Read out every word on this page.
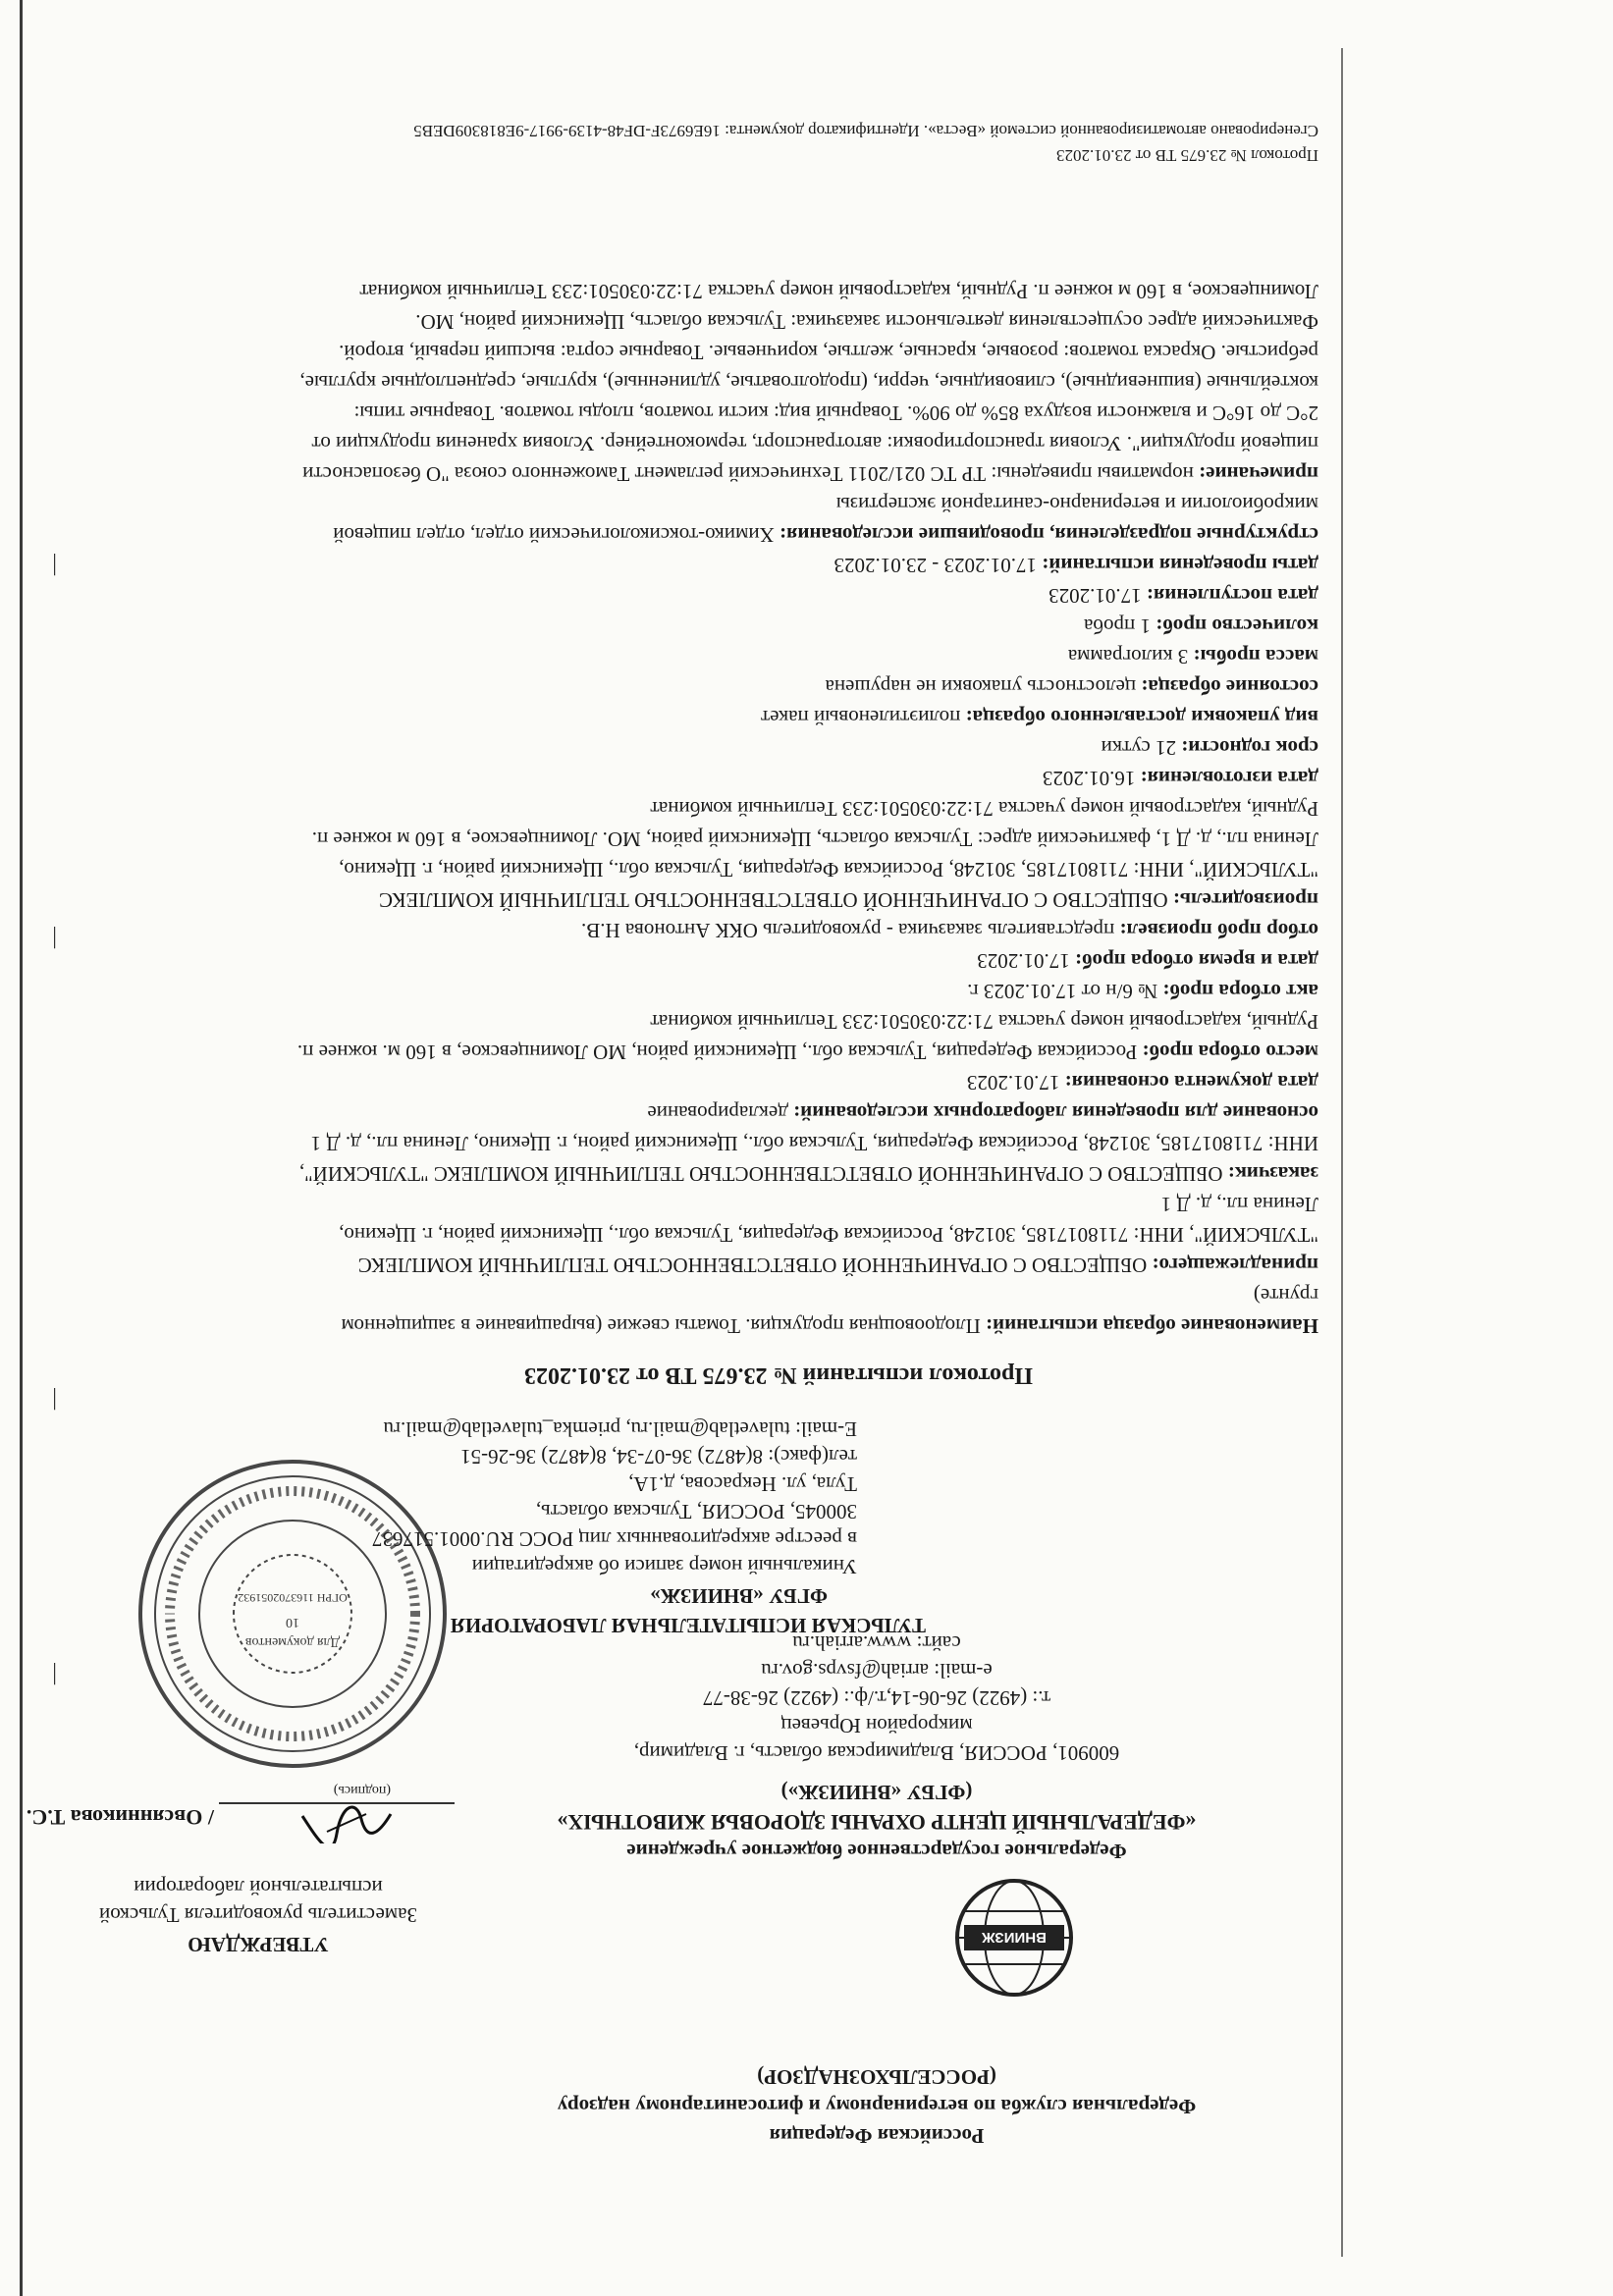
Российская Федерация
Федеральная служба по ветеринарному и фитосанитарному надзору
(РОССЕЛЬХОЗНАДЗОР)
ВНИИЗЖ
Федеральное государственное бюджетное учреждение
«ФЕДЕРАЛЬНЫЙ ЦЕНТР ОХРАНЫ ЗДОРОВЬЯ ЖИВОТНЫХ»
(ФГБУ «ВНИИЗЖ»)
600901, РОССИЯ, Владимирская область, г. Владимир,
микрорайон Юрьевец
т.: (4922) 26-06-14,т./ф.: (4922) 26-38-77
e-mail: arriah@fsvps.gov.ru
сайт: www.arriah.ru
УТВЕРЖДАЮ
Заместитель руководителя Тульской
испытательной лаборатории
/ Овсянникова Т.С.
(подпись)
Для документов
10
ОГРН 1163702051932
ТУЛЬСКАЯ ИСПЫТАТЕЛЬНАЯ ЛАБОРАТОРИЯ
ФГБУ «ВНИИЗЖ»
Уникальный номер записи об аккредитации
в реестре аккредитованных лиц РОСС RU.0001.517637
300045, РОССИЯ, Тульская область,
Тула, ул. Некрасова, д.1А,
тел(факс): 8(4872) 36-07-34, 8(4872) 36-26-51
E-mail: tulavetlab@mail.ru, priemka_tulavetlab@mail.ru
Протокол испытаний № 23.675 ТВ от 23.01.2023
Наименование образца испытаний: Плодоовощная продукция. Томаты свежие (выращивание в защищенном
грунте)
принадлежащего: ОБЩЕСТВО С ОГРАНИЧЕННОЙ ОТВЕТСТВЕННОСТЬЮ ТЕПЛИЧНЫЙ КОМПЛЕКС
"ТУЛЬСКИЙ", ИНН: 7118017185, 301248, Российская Федерация, Тульская обл., Щекинский район, г. Щекино,
Ленина пл., д. Д 1
заказчик: ОБЩЕСТВО С ОГРАНИЧЕННОЙ ОТВЕТСТВЕННОСТЬЮ ТЕПЛИЧНЫЙ КОМПЛЕКС "ТУЛЬСКИЙ",
ИНН: 7118017185, 301248, Российская Федерация, Тульская обл., Щекинский район, г. Щекино, Ленина пл., д. Д 1
основание для проведения лабораторных исследований: декларирование
дата документа основания: 17.01.2023
место отбора проб: Российская Федерация, Тульская обл., Щекинский район, МО Ломинцевское, в 160 м. южнее п.
Рудный, кадастровый номер участка 71:22:030501:233 Тепличный комбинат
акт отбора проб: № 6/н от 17.01.2023 г.
дата и время отбора проб: 17.01.2023
отбор проб произвел: представитель заказчика - руководитель ОКК Антонова Н.В.
производитель: ОБЩЕСТВО С ОГРАНИЧЕННОЙ ОТВЕТСТВЕННОСТЬЮ ТЕПЛИЧНЫЙ КОМПЛЕКС
"ТУЛЬСКИЙ", ИНН: 7118017185, 301248, Российская Федерация, Тульская обл., Щекинский район, г. Щекино,
Ленина пл., д. Д 1, фактический адрес: Тульская область, Щекинский район, МО. Ломинцевское, в 160 м южнее п.
Рудный, кадастровый номер участка 71:22:030501:233 Тепличный комбинат
дата изготовления: 16.01.2023
срок годности: 21 сутки
вид упаковки доставленного образца: полиэтиленовый пакет
состояние образца: целостность упаковки не нарушена
масса пробы: 3 килограмма
количество проб: 1 проба
дата поступления: 17.01.2023
даты проведения испытаний: 17.01.2023 - 23.01.2023
структурные подразделения, проводившие исследования: Химико-токсикологический отдел, отдел пищевой
микробиологии и ветеринарно-санитарной экспертизы
примечание: нормативы приведены: ТР ТС 021/2011 Технический регламент Таможенного союза "О безопасности
пищевой продукции". Условия транспортировки: автотранспорт, термоконтейнер. Условия хранения продукции от
2°С до 16°С и влажности воздуха 85% до 90%. Товарный вид: кисти томатов, плоды томатов. Товарные типы:
коктейльные (вишневидные), сливовидные, черри, (продолговатые, удлиненные), круглые, среднеплодные круглые,
ребристые. Окраска томатов: розовые, красные, желтые, коричневые. Товарные сорта: высший первый, второй.
Фактический адрес осуществления деятельности заказчика: Тульская область, Щекинский район, МО.
Ломинцевское, в 160 м южнее п. Рудный, кадастровый номер участка 71:22:030501:233 Тепличный комбинат
Протокол № 23.675 ТВ от 23.01.2023
Сгенерировано автоматизированной системой «Веста». Идентификатор документа: 16E6973F-DF48-4139-9917-9E818309DEB5
|
|
|
|
